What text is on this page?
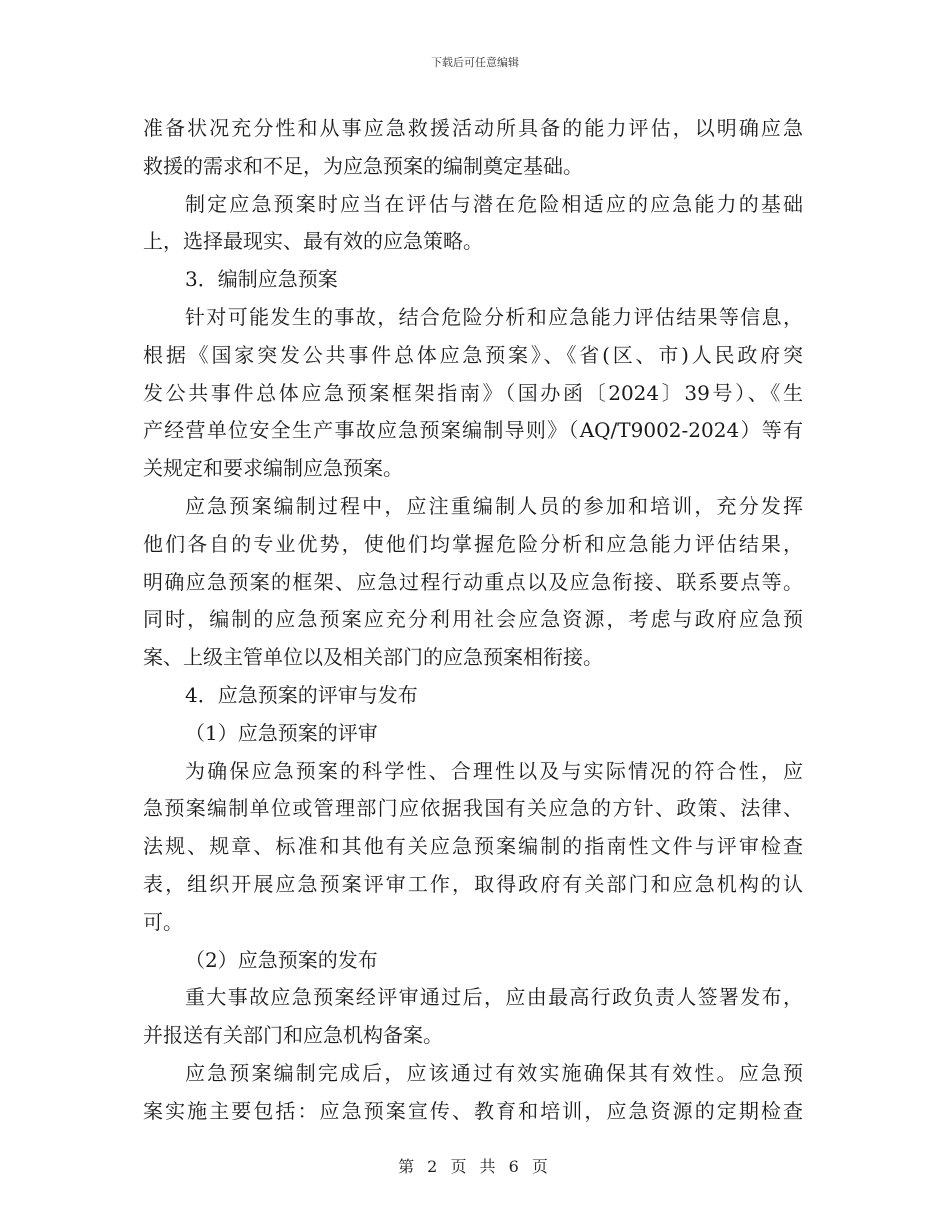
下载后可任意编辑
准备状况充分性和从事应急救援活动所具备的能力评估，以明确应急
救援的需求和不足，为应急预案的编制奠定基础。
制定应急预案时应当在评估与潜在危险相适应的应急能力的基础
上，选择最现实、最有效的应急策略。
3．编制应急预案
针对可能发生的事故，结合危险分析和应急能力评估结果等信息，
根据《国家突发公共事件总体应急预案》、《省(区、市)人民政府突
发公共事件总体应急预案框架指南》（国办函〔2024〕39号）、《生
产经营单位安全生产事故应急预案编制导则》（AQ/T9002-2024）等有
关规定和要求编制应急预案。
应急预案编制过程中，应注重编制人员的参加和培训，充分发挥
他们各自的专业优势，使他们均掌握危险分析和应急能力评估结果，
明确应急预案的框架、应急过程行动重点以及应急衔接、联系要点等。
同时，编制的应急预案应充分利用社会应急资源，考虑与政府应急预
案、上级主管单位以及相关部门的应急预案相衔接。
4．应急预案的评审与发布
（1）应急预案的评审
为确保应急预案的科学性、合理性以及与实际情况的符合性，应
急预案编制单位或管理部门应依据我国有关应急的方针、政策、法律、
法规、规章、标准和其他有关应急预案编制的指南性文件与评审检查
表，组织开展应急预案评审工作，取得政府有关部门和应急机构的认
可。
（2）应急预案的发布
重大事故应急预案经评审通过后，应由最高行政负责人签署发布，
并报送有关部门和应急机构备案。
应急预案编制完成后，应该通过有效实施确保其有效性。应急预
案实施主要包括：应急预案宣传、教育和培训，应急资源的定期检查
第 2 页 共 6 页
